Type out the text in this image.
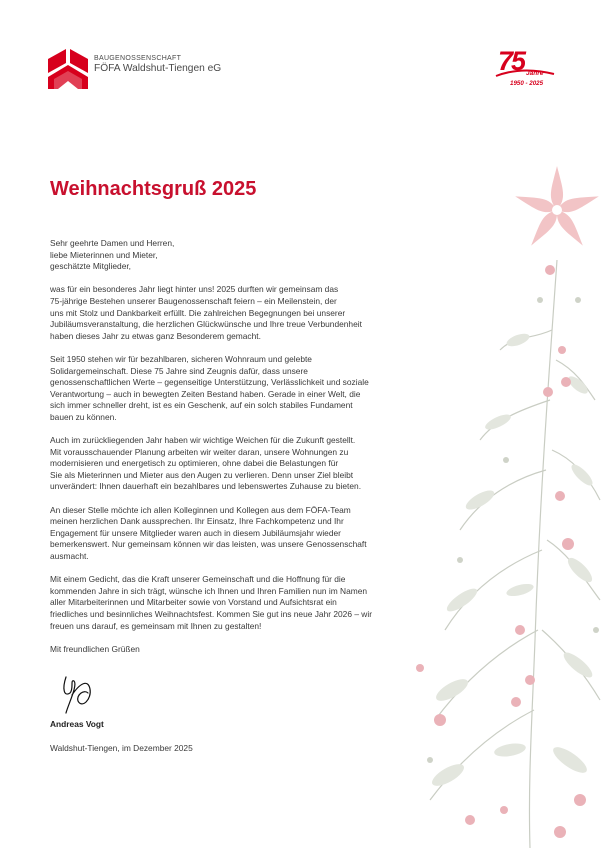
BAUGENOSSENSCHAFT
FÖFA Waldshut-Tiengen eG	75 Jahre
1950 - 2025
Weihnachtsgruß 2025
Sehr geehrte Damen und Herren,
liebe Mieterinnen und Mieter,
geschätzte Mitglieder,
was für ein besonderes Jahr liegt hinter uns! 2025 durften wir gemeinsam das
75-jährige Bestehen unserer Baugenossenschaft feiern – ein Meilenstein, der
uns mit Stolz und Dankbarkeit erfüllt. Die zahlreichen Begegnungen bei unserer
Jubiläumsveranstaltung, die herzlichen Glückwünsche und Ihre treue Verbundenheit
haben dieses Jahr zu etwas ganz Besonderem gemacht.
Seit 1950 stehen wir für bezahlbaren, sicheren Wohnraum und gelebte
Solidargemeinschaft. Diese 75 Jahre sind Zeugnis dafür, dass unsere
genossenschaftlichen Werte – gegenseitige Unterstützung, Verlässlichkeit und soziale
Verantwortung – auch in bewegten Zeiten Bestand haben. Gerade in einer Welt, die
sich immer schneller dreht, ist es ein Geschenk, auf ein solch stabiles Fundament
bauen zu können.
Auch im zurückliegenden Jahr haben wir wichtige Weichen für die Zukunft gestellt.
Mit vorausschauender Planung arbeiten wir weiter daran, unsere Wohnungen zu
modernisieren und energetisch zu optimieren, ohne dabei die Belastungen für
Sie als Mieterinnen und Mieter aus den Augen zu verlieren. Denn unser Ziel bleibt
unverändert: Ihnen dauerhaft ein bezahlbares und lebenswertes Zuhause zu bieten.
An dieser Stelle möchte ich allen Kolleginnen und Kollegen aus dem FÖFA-Team
meinen herzlichen Dank aussprechen. Ihr Einsatz, Ihre Fachkompetenz und Ihr
Engagement für unsere Mitglieder waren auch in diesem Jubiläumsjahr wieder
bemerkenswert. Nur gemeinsam können wir das leisten, was unsere Genossenschaft
ausmacht.
Mit einem Gedicht, das die Kraft unserer Gemeinschaft und die Hoffnung für die
kommenden Jahre in sich trägt, wünsche ich Ihnen und Ihren Familien nun im Namen
aller Mitarbeiterinnen und Mitarbeiter sowie von Vorstand und Aufsichtsrat ein
friedliches und besinnliches Weihnachtsfest. Kommen Sie gut ins neue Jahr 2026 – wir
freuen uns darauf, es gemeinsam mit Ihnen zu gestalten!
Mit freundlichen Grüßen
Andreas Vogt
Waldshut-Tiengen, im Dezember 2025
